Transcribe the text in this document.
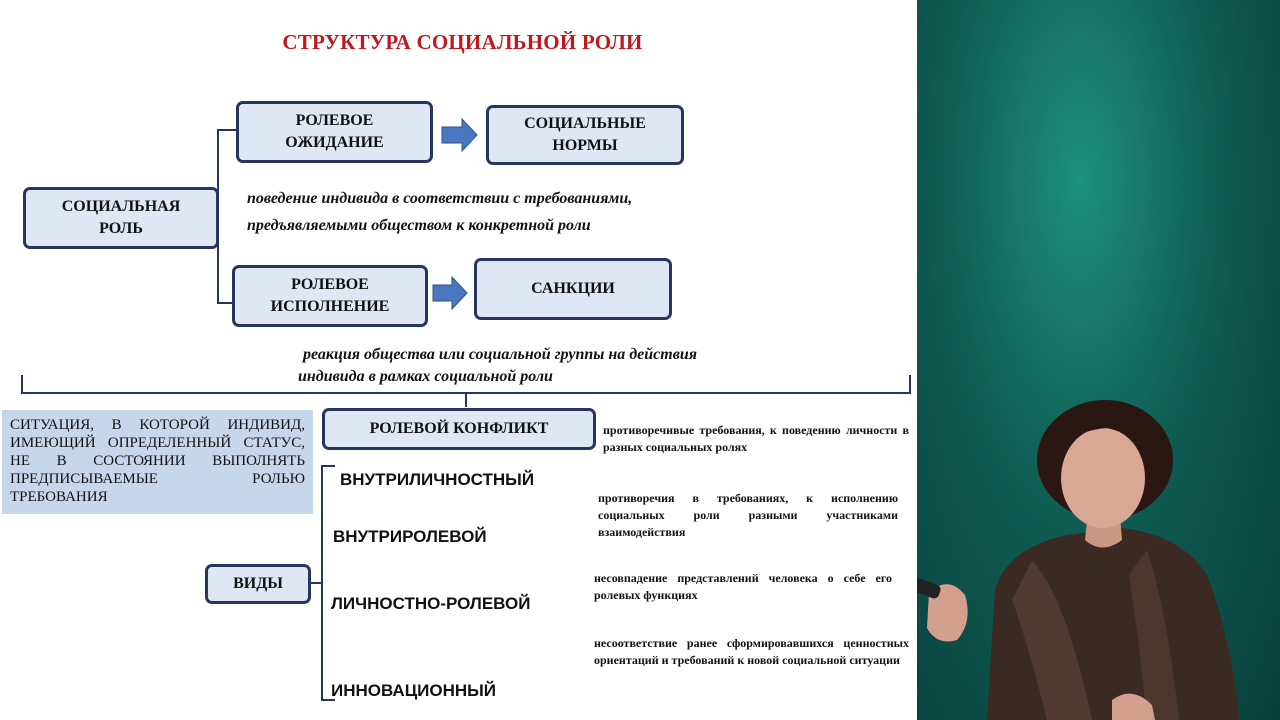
СТРУКТУРА СОЦИАЛЬНОЙ РОЛИ
СОЦИАЛЬНАЯ РОЛЬ
РОЛЕВОЕ ОЖИДАНИЕ
СОЦИАЛЬНЫЕ НОРМЫ
РОЛЕВОЕ ИСПОЛНЕНИЕ
САНКЦИИ
поведение индивида в соответствии с требованиями,
предъявляемыми обществом к конкретной роли
реакция общества или социальной группы на действия
индивида в рамках социальной роли
СИТУАЦИЯ, В КОТОРОЙ ИНДИВИД, ИМЕЮЩИЙ ОПРЕДЕЛЕННЫЙ СТАТУС, НЕ В СОСТОЯНИИ ВЫПОЛНЯТЬ ПРЕДПИСЫВАЕМЫЕ РОЛЬЮ ТРЕБОВАНИЯ
РОЛЕВОЙ КОНФЛИКТ	противоречивые требования, к поведению личности в разных социальных ролях
ВИДЫ
ВНУТРИЛИЧНОСТНЫЙ
ВНУТРИРОЛЕВОЙ
ЛИЧНОСТНО-РОЛЕВОЙ
ИННОВАЦИОННЫЙ
противоречия в требованиях, к исполнению социальных роли разными участниками взаимодействия
несовпадение представлений человека о себе его ролевых функциях
несоответствие ранее сформировавшихся ценностных ориентаций и требований к новой социальной ситуации
